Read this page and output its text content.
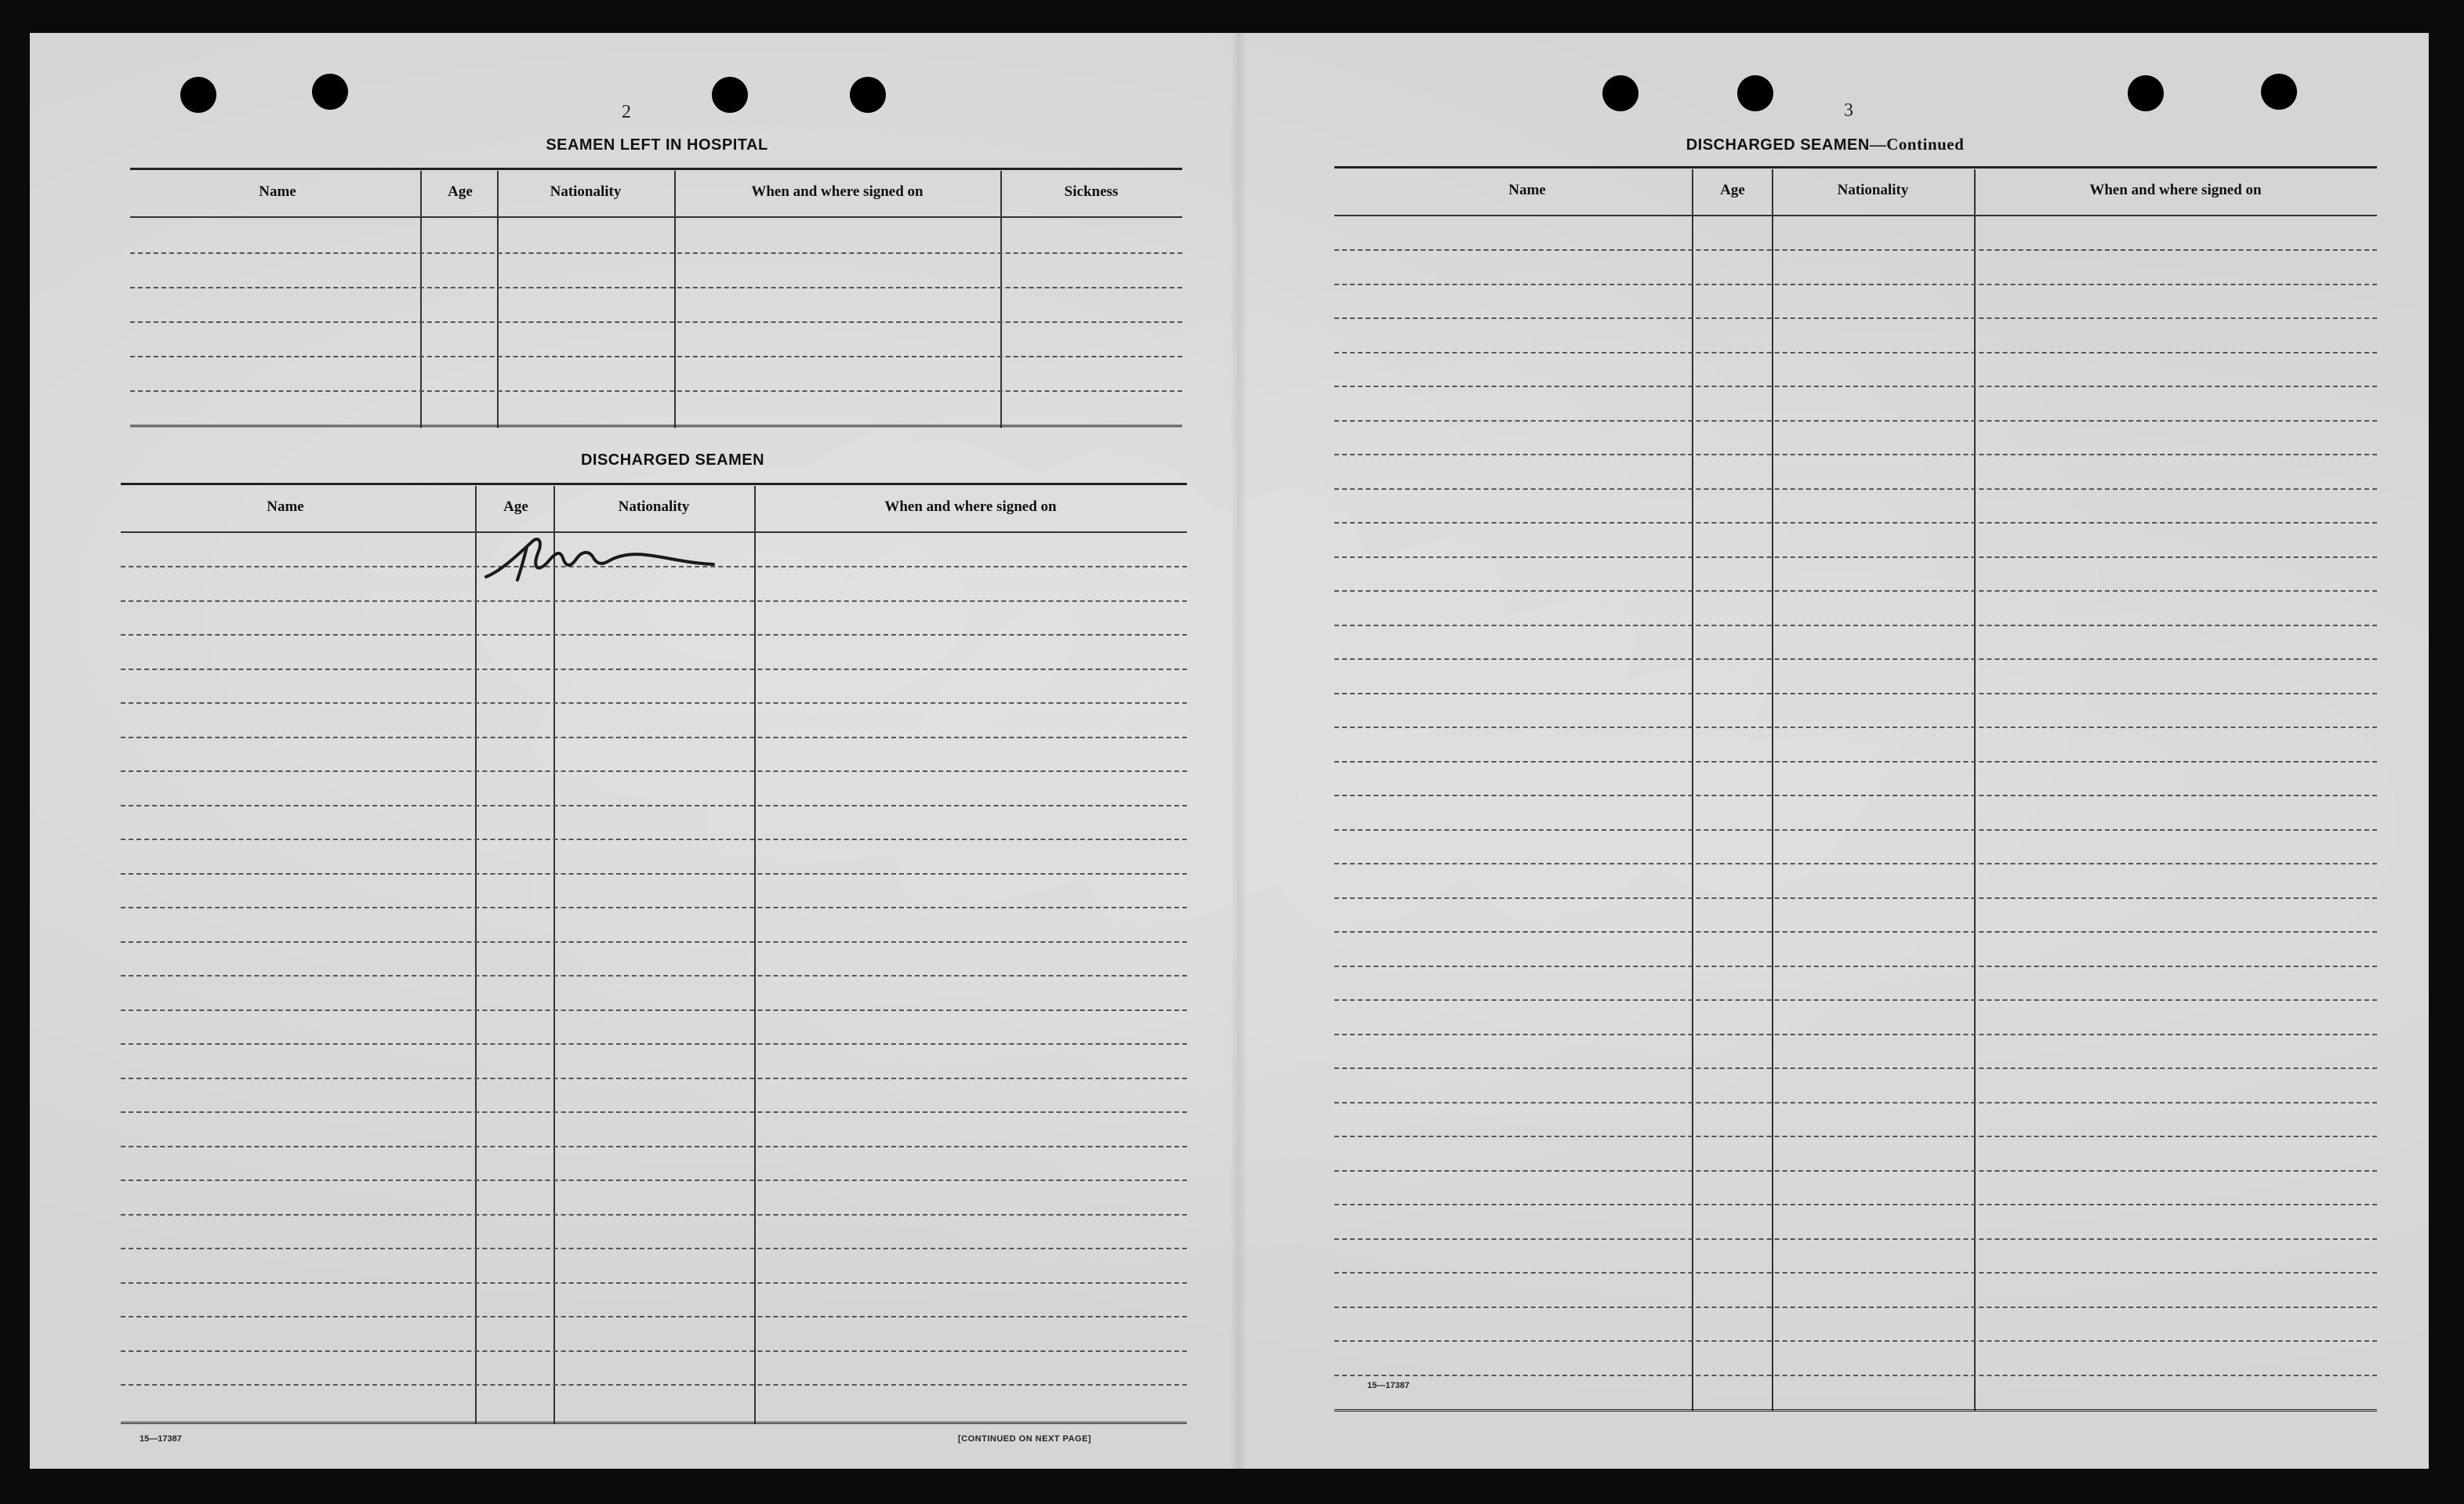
2
SEAMEN LEFT IN HOSPITAL
Name	Age	Nationality	When and where signed on	Sickness
DISCHARGED SEAMEN
Name	Age	Nationality	When and where signed on
None
15—17387	[CONTINUED ON NEXT PAGE]
3
DISCHARGED SEAMEN—Continued
Name	Age	Nationality	When and where signed on
15—17387
